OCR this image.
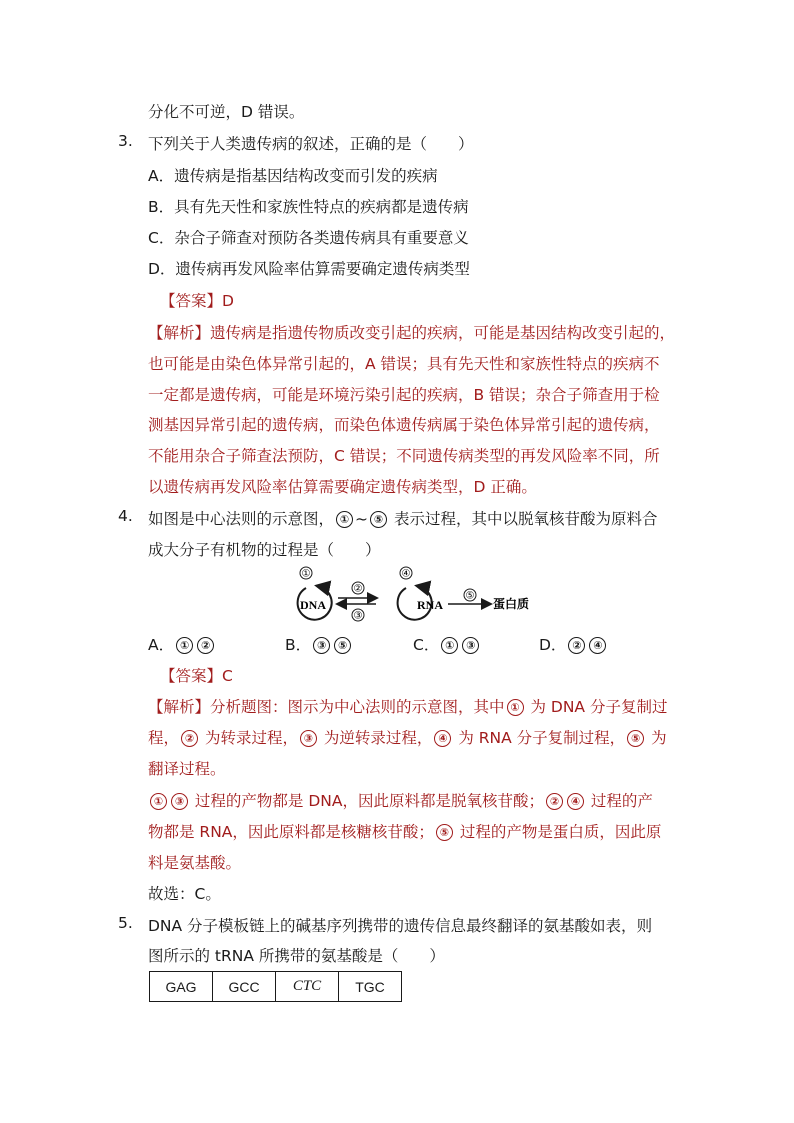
分化不可逆，D 错误。
3. 下列关于人类遗传病的叙述，正确的是（　　）
A．遗传病是指基因结构改变而引发的疾病
B．具有先天性和家族性特点的疾病都是遗传病
C．杂合子筛查对预防各类遗传病具有重要意义
D．遗传病再发风险率估算需要确定遗传病类型
【答案】D
【解析】遗传病是指遗传物质改变引起的疾病，可能是基因结构改变引起的，
也可能是由染色体异常引起的，A 错误；具有先天性和家族性特点的疾病不
一定都是遗传病，可能是环境污染引起的疾病，B 错误；杂合子筛查用于检
测基因异常引起的遗传病，而染色体遗传病属于染色体异常引起的遗传病，
不能用杂合子筛查法预防，C 错误；不同遗传病类型的再发风险率不同，所
以遗传病再发风险率估算需要确定遗传病类型，D 正确。
4. 如图是中心法则的示意图， ① ~ ⑤ 表示过程，其中以脱氧核苷酸为原料合
成大分子有机物的过程是（　　）
①
DNA
②
③
④
RNA
⑤
蛋白质
A． ① ②	B． ③ ⑤	C． ① ③	D． ② ④
【答案】C
【解析】分析题图：图示为中心法则的示意图，其中 ① 为 DNA 分子复制过
程， ② 为转录过程， ③ 为逆转录过程， ④ 为 RNA 分子复制过程， ⑤ 为
翻译过程。
① ③ 过程的产物都是 DNA，因此原料都是脱氧核苷酸； ② ④ 过程的产
物都是 RNA，因此原料都是核糖核苷酸； ⑤ 过程的产物是蛋白质，因此原
料是氨基酸。
故选：C。
5. DNA 分子模板链上的碱基序列携带的遗传信息最终翻译的氨基酸如表，则
图所示的 tRNA 所携带的氨基酸是（　　）
GAG	GCC	CTC	TGC
